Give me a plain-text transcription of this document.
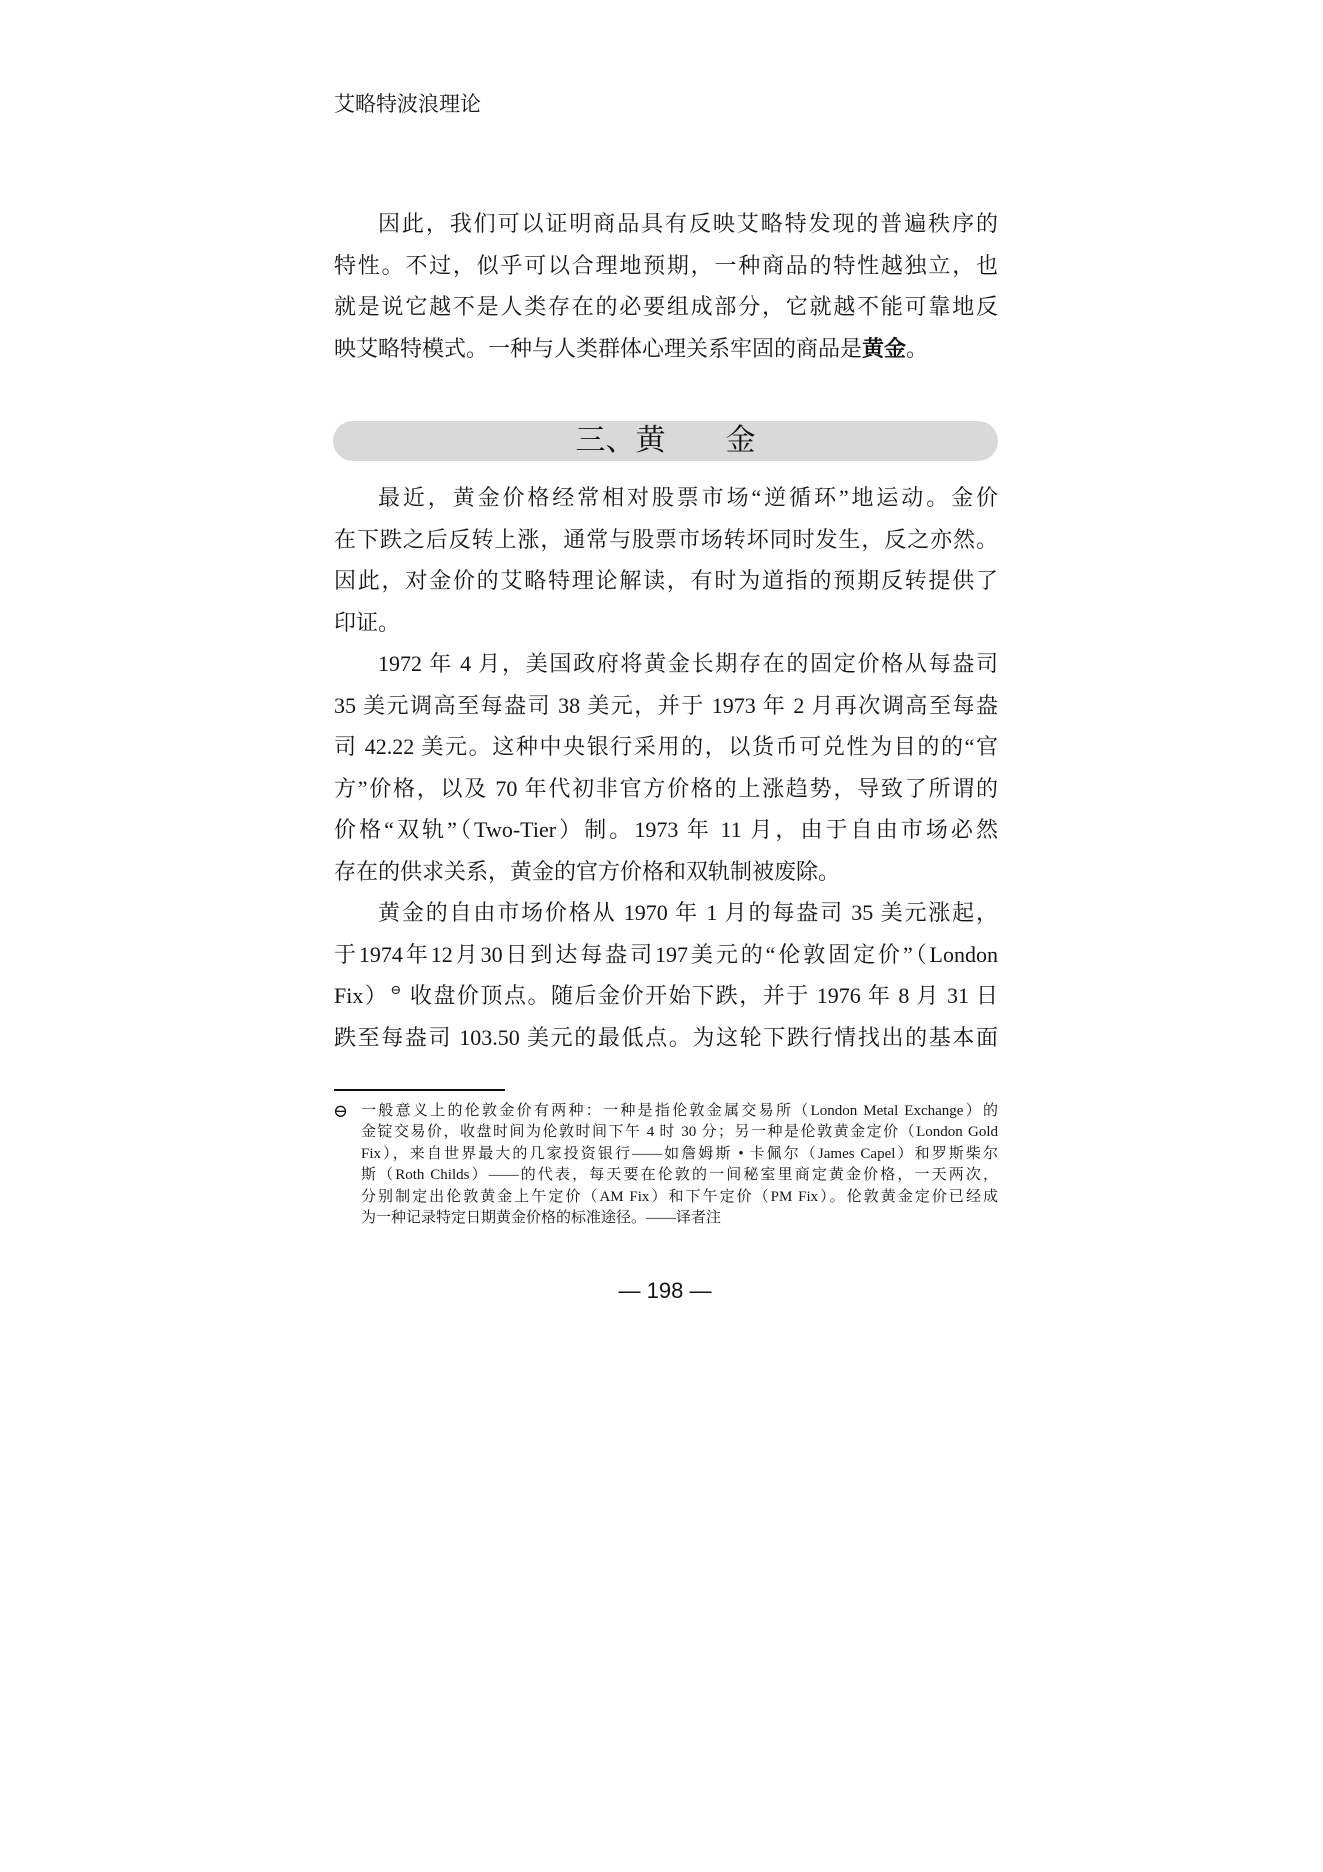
艾略特波浪理论
因此，我们可以证明商品具有反映艾略特发现的普遍秩序的
特性。不过，似乎可以合理地预期，一种商品的特性越独立，也
就是说它越不是人类存在的必要组成部分，它就越不能可靠地反
映艾略特模式。一种与人类群体心理关系牢固的商品是黄金。
三、黄　　金
最近，黄金价格经常相对股票市场“逆循环”地运动。金价
在下跌之后反转上涨，通常与股票市场转坏同时发生，反之亦然。
因此，对金价的艾略特理论解读，有时为道指的预期反转提供了
印证。
1972 年 4 月，美国政府将黄金长期存在的固定价格从每盎司
35 美元调高至每盎司 38 美元，并于 1973 年 2 月再次调高至每盎
司 42.22 美元。这种中央银行采用的，以货币可兑性为目的的“官
方”价格，以及 70 年代初非官方价格的上涨趋势，导致了所谓的
价格“双轨”（Two-Tier）制。1973 年 11 月，由于自由市场必然
存在的供求关系，黄金的官方价格和双轨制被废除。
黄金的自由市场价格从 1970 年 1 月的每盎司 35 美元涨起，
于1974年12月30日到达每盎司197美元的“伦敦固定价”（London
Fix） ⊖ 收盘价顶点。随后金价开始下跌，并于 1976 年 8 月 31 日
跌至每盎司 103.50 美元的最低点。为这轮下跌行情找出的基本面
⊖ 一般意义上的伦敦金价有两种：一种是指伦敦金属交易所（London Metal Exchange）的
金锭交易价，收盘时间为伦敦时间下午 4 时 30 分；另一种是伦敦黄金定价（London Gold
Fix），来自世界最大的几家投资银行——如詹姆斯 • 卡佩尔（James Capel）和罗斯柴尔
斯（Roth Childs）——的代表，每天要在伦敦的一间秘室里商定黄金价格，一天两次，
分别制定出伦敦黄金上午定价（AM Fix）和下午定价（PM Fix）。伦敦黄金定价已经成
为一种记录特定日期黄金价格的标准途径。——译者注
— 198 —
